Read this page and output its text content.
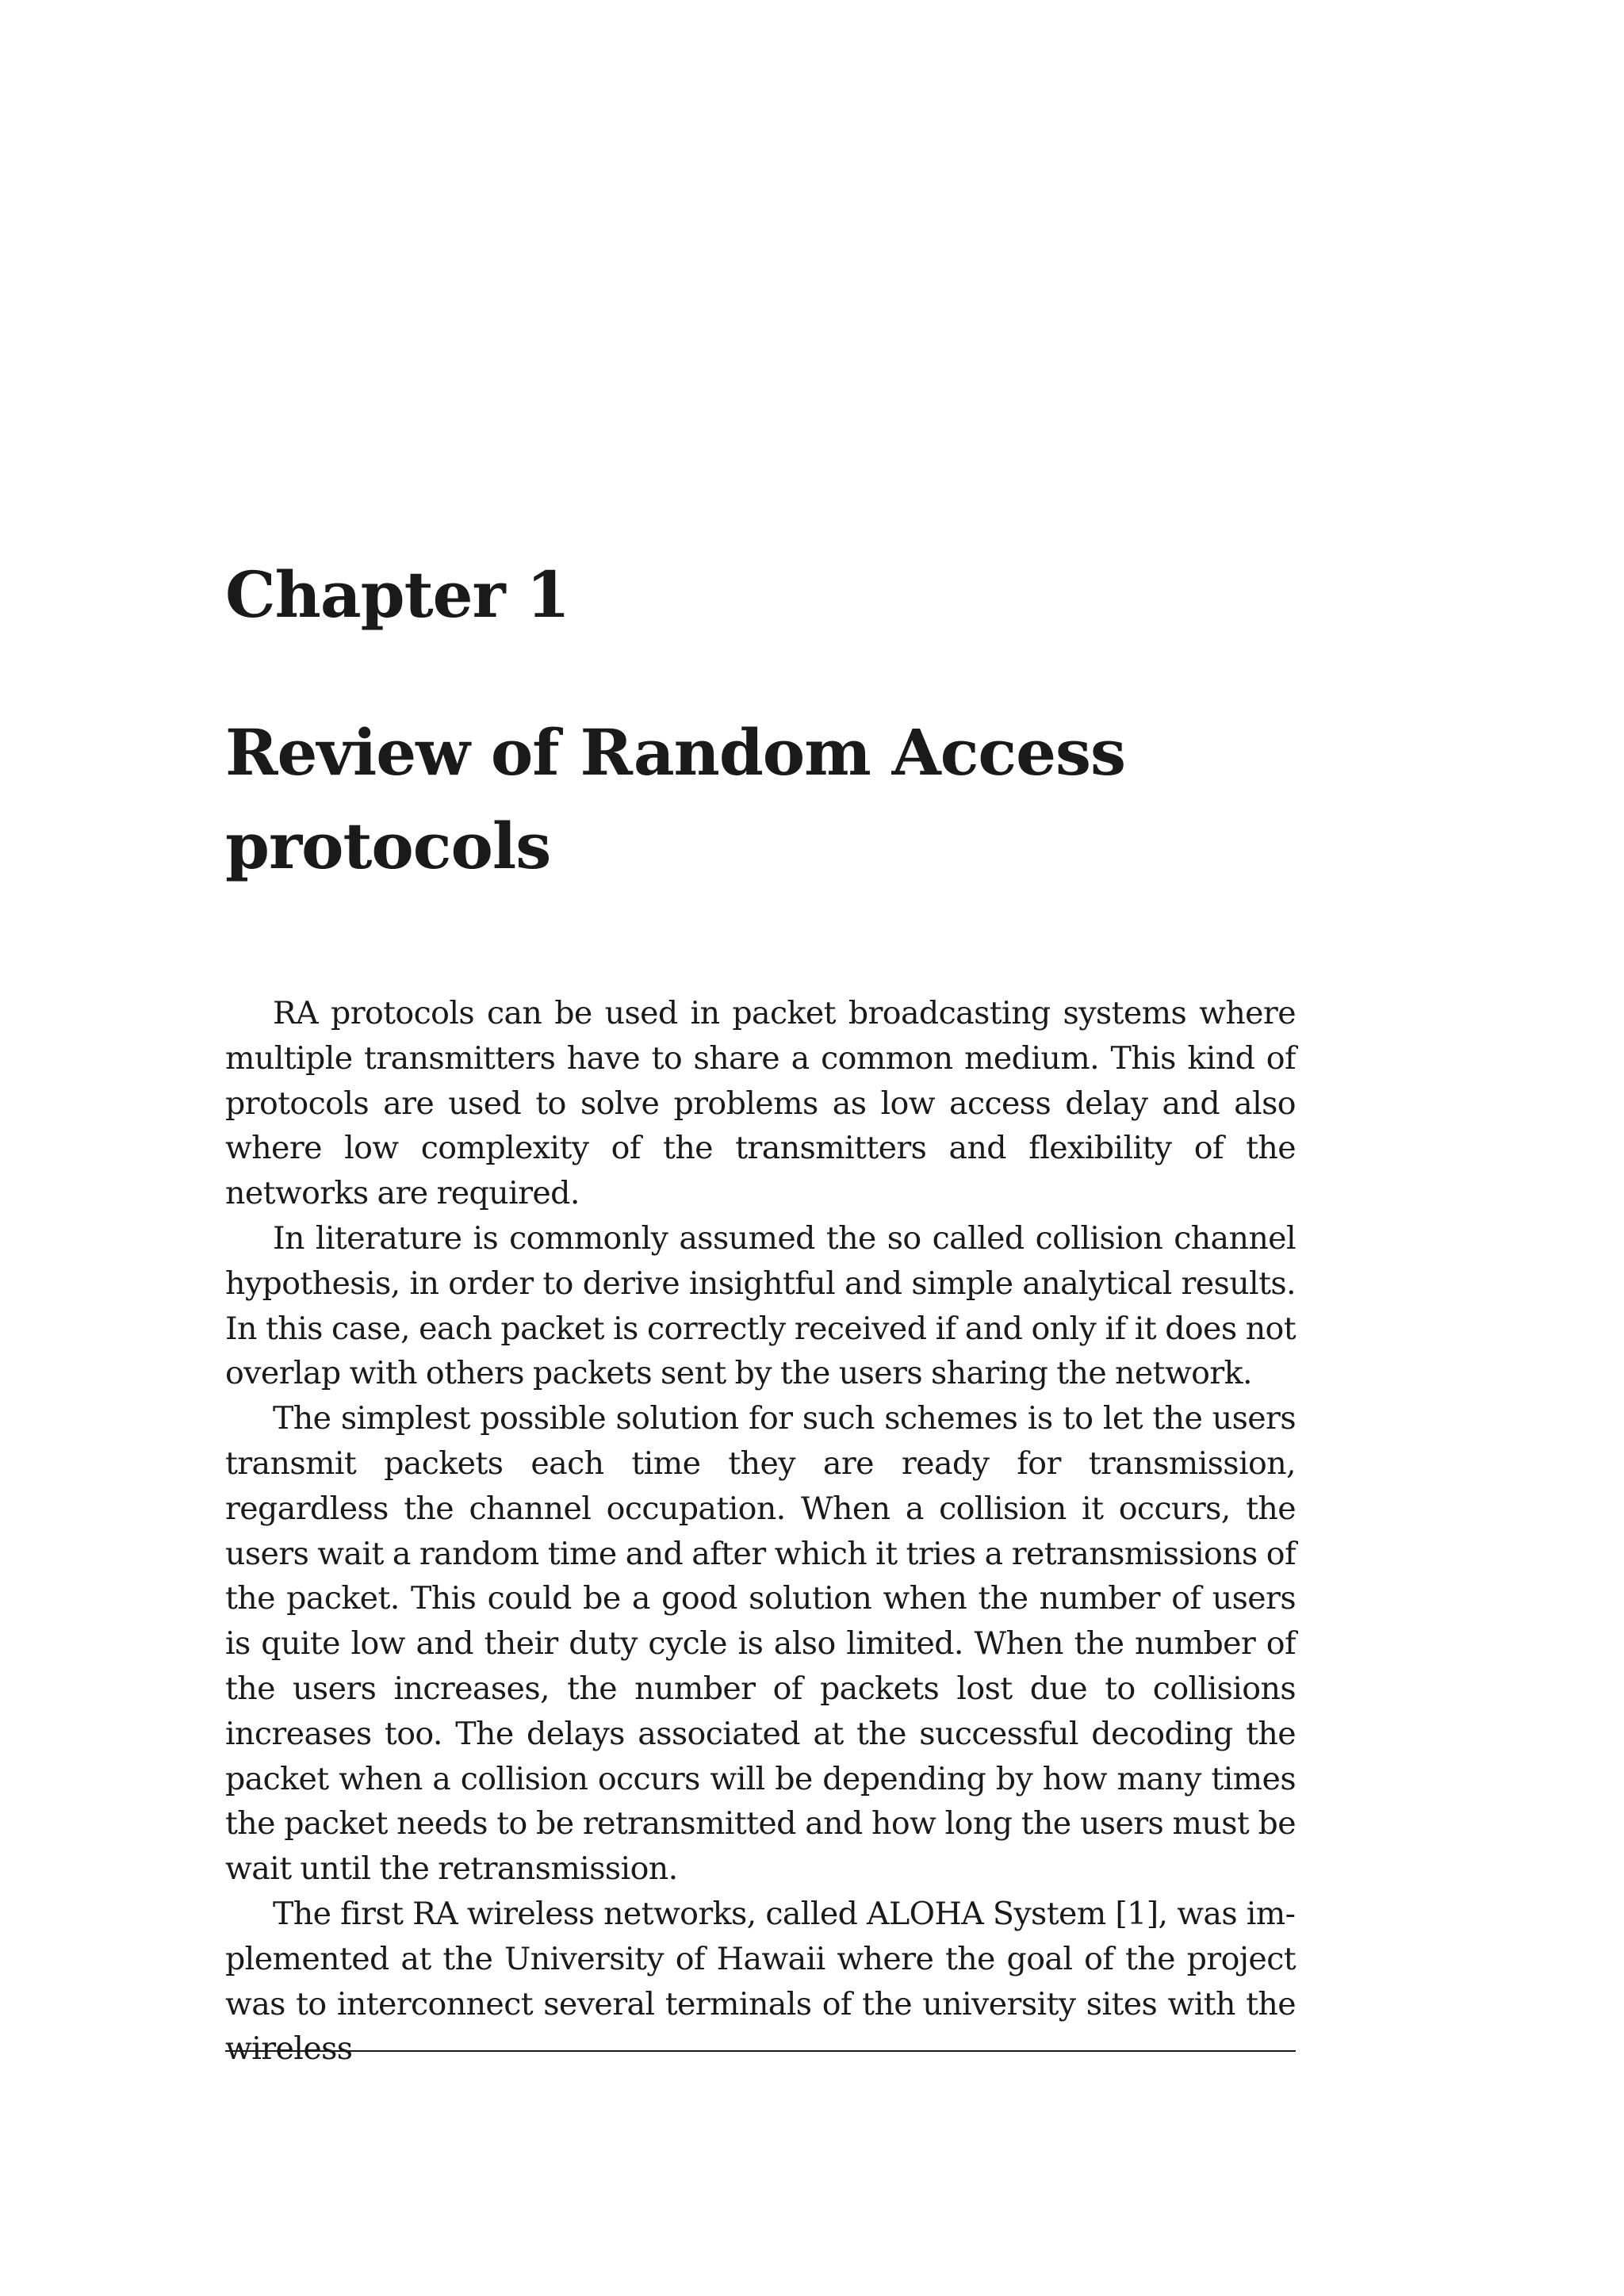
Chapter 1
Review of Random Access protocols

RA protocols can be used in packet broadcasting systems where multiple transmitters have to share a common medium. This kind of protocols are used to solve problems as low access delay and also where low complexity of the transmitters and flexibility of the networks are required.

In literature is commonly assumed the so called collision channel hypothesis, in order to derive insightful and simple analytical results. In this case, each packet is correctly received if and only if it does not overlap with others packets sent by the users sharing the network.

The simplest possible solution for such schemes is to let the users transmit packets each time they are ready for transmission, regardless the channel occupation. When a collision it occurs, the users wait a random time and after which it tries a retransmissions of the packet. This could be a good solution when the number of users is quite low and their duty cycle is also limited. When the number of the users increases, the number of packets lost due to collisions increases too. The delays associated at the successful decoding the packet when a collision occurs will be depending by how many times the packet needs to be retransmitted and how long the users must be wait until the retransmission.

The first RA wireless networks, called ALOHA System [1], was implemented at the University of Hawaii where the goal of the project was to interconnect several terminals of the university sites with the wireless
